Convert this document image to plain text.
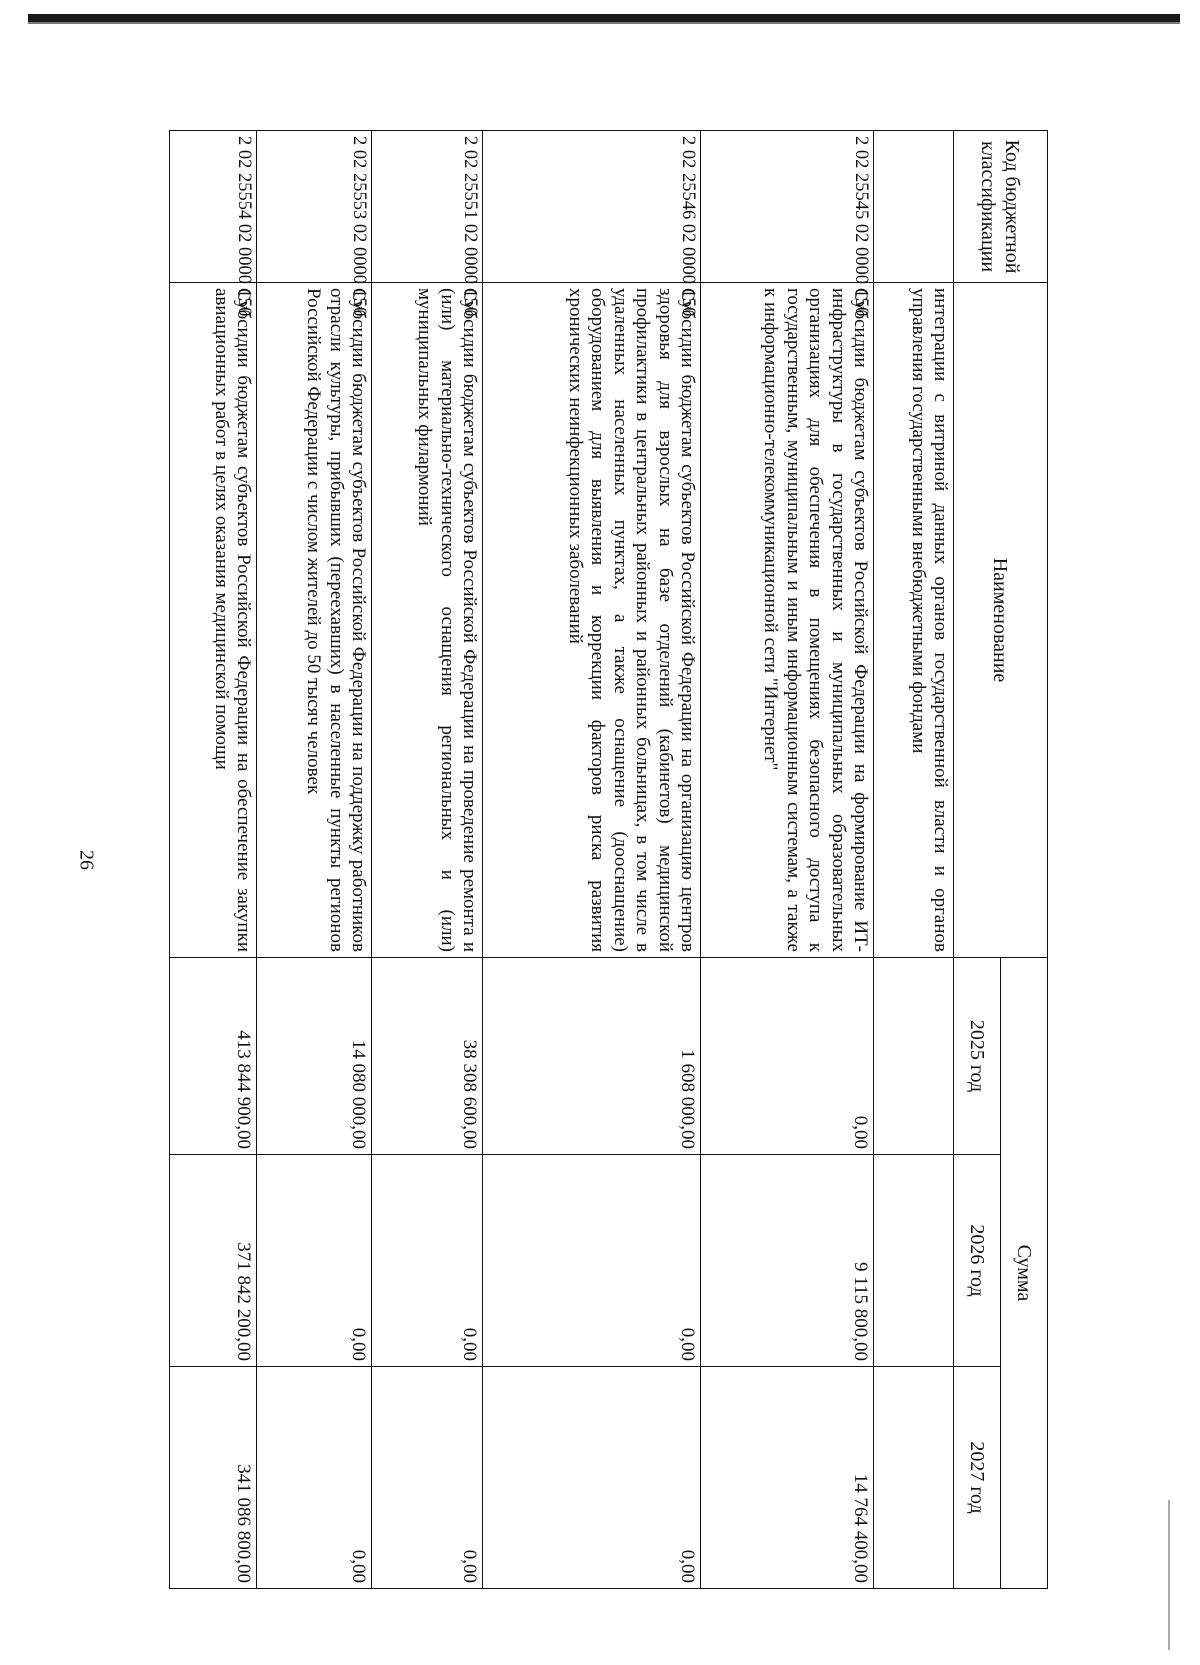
26
Код бюджетной классификации	Наименование	Сумма		
		2025 год	2026 год	2027 год
	интеграции с витриной данных органов государственной власти и органов управления государственными внебюджетными фондами			
2 02 25545 02 0000 150	Субсидии бюджетам субъектов Российской Федерации на формирование ИТ-инфраструктуры в государственных и муниципальных образовательных организациях для обеспечения в помещениях безопасного доступа к государственным, муниципальным и иным информационным системам, а также к информационно-телекоммуникационной сети "Интернет"	0,00	9 115 800,00	14 764 400,00
2 02 25546 02 0000 150	Субсидии бюджетам субъектов Российской Федерации на организацию центров здоровья для взрослых на базе отделений (кабинетов) медицинской профилактики в центральных районных и районных больницах, в том числе в удаленных населенных пунктах, а также оснащение (дооснащение) оборудованием для выявления и коррекции факторов риска развития хронических неинфекционных заболеваний	1 608 000,00	0,00	0,00
2 02 25551 02 0000 150	Субсидии бюджетам субъектов Российской Федерации на проведение ремонта и (или) материально-технического оснащения региональных и (или) муниципальных филармоний	38 308 600,00	0,00	0,00
2 02 25553 02 0000 150	Субсидии бюджетам субъектов Российской Федерации на поддержку работников отрасли культуры, прибывших (переехавших) в населенные пункты регионов Российской Федерации с числом жителей до 50 тысяч человек	14 080 000,00	0,00	0,00
2 02 25554 02 0000 150	Субсидии бюджетам субъектов Российской Федерации на обеспечение закупки авиационных работ в целях оказания медицинской помощи	413 844 900,00	371 842 200,00	341 086 800,00
